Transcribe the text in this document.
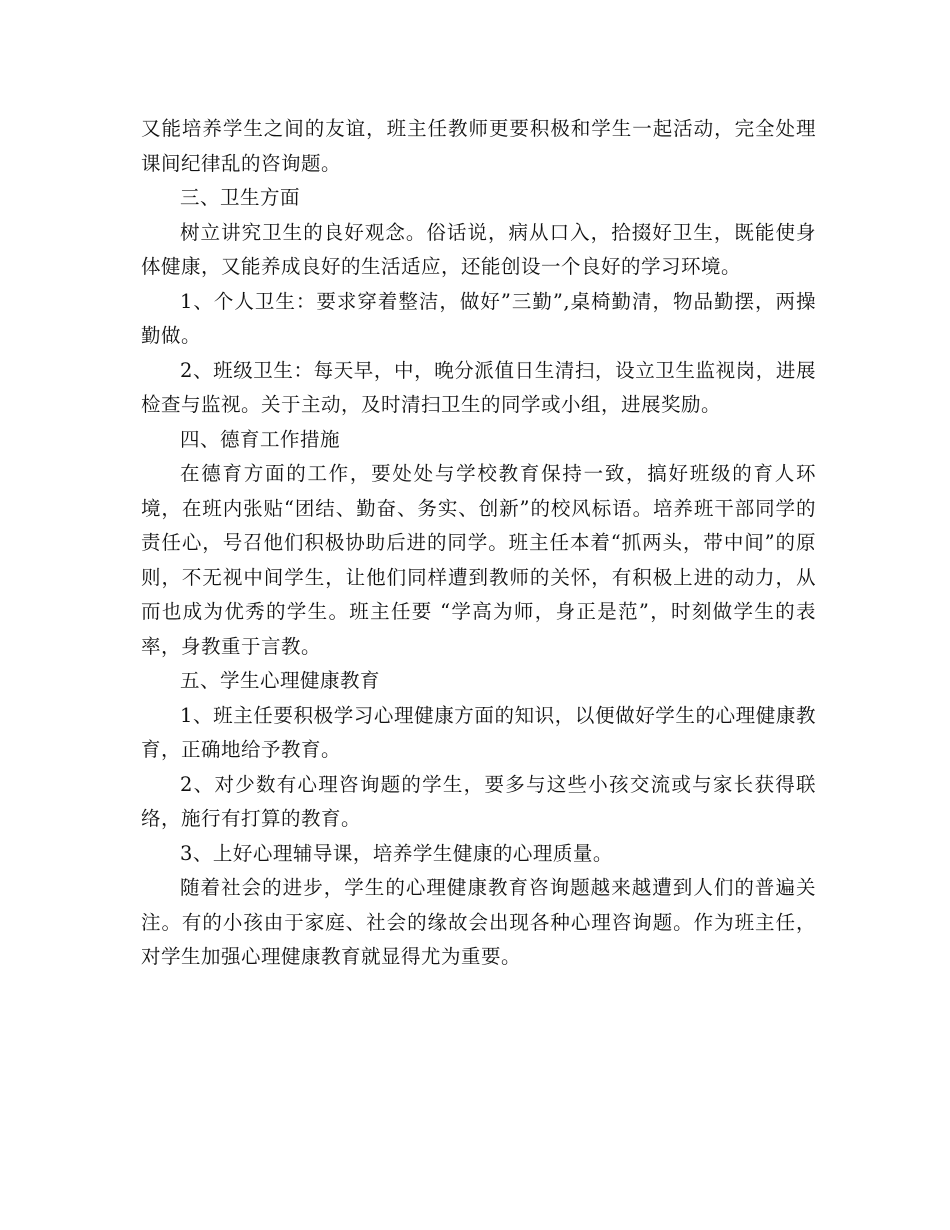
又能培养学生之间的友谊，班主任教师更要积极和学生一起活动，完全处理课间纪律乱的咨询题。

三、卫生方面

树立讲究卫生的良好观念。俗话说，病从口入，拾掇好卫生，既能使身体健康，又能养成良好的生活适应，还能创设一个良好的学习环境。

1、个人卫生：要求穿着整洁，做好”三勤”,桌椅勤清，物品勤摆，两操勤做。

2、班级卫生：每天早，中，晚分派值日生清扫，设立卫生监视岗，进展检查与监视。关于主动，及时清扫卫生的同学或小组，进展奖励。

四、德育工作措施

在德育方面的工作，要处处与学校教育保持一致，搞好班级的育人环境，在班内张贴“团结、勤奋、务实、创新”的校风标语。培养班干部同学的责任心，号召他们积极协助后进的同学。班主任本着“抓两头，带中间”的原则，不无视中间学生，让他们同样遭到教师的关怀，有积极上进的动力，从而也成为优秀的学生。班主任要 “学高为师，身正是范”，时刻做学生的表率，身教重于言教。

五、学生心理健康教育

1、班主任要积极学习心理健康方面的知识，以便做好学生的心理健康教育，正确地给予教育。

2、对少数有心理咨询题的学生，要多与这些小孩交流或与家长获得联络，施行有打算的教育。

3、上好心理辅导课，培养学生健康的心理质量。

随着社会的进步，学生的心理健康教育咨询题越来越遭到人们的普遍关注。有的小孩由于家庭、社会的缘故会出现各种心理咨询题。作为班主任，对学生加强心理健康教育就显得尤为重要。
